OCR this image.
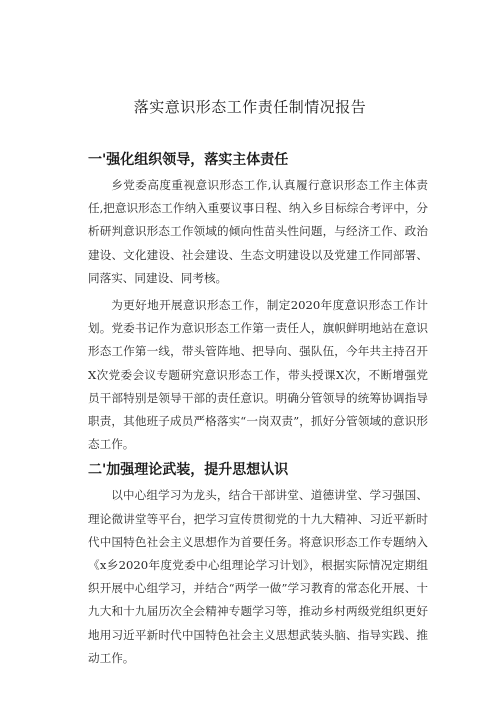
落实意识形态工作责任制情况报告
一'强化组织领导，落实主体责任
乡党委高度重视意识形态工作,认真履行意识形态工作主体责任,把意识形态工作纳入重要议事日程、纳入乡目标综合考评中，分析研判意识形态工作领域的倾向性苗头性问题，与经济工作、政治建设、文化建设、社会建设、生态文明建设以及党建工作同部署、同落实、同建设、同考核。
为更好地开展意识形态工作，制定2020年度意识形态工作计划。党委书记作为意识形态工作第一责任人，旗帜鲜明地站在意识形态工作第一线，带头管阵地、把导向、强队伍，今年共主持召开X次党委会议专题研究意识形态工作，带头授课X次，不断增强党员干部特别是领导干部的责任意识。明确分管领导的统筹协调指导职责，其他班子成员严格落实“一岗双责”，抓好分管领域的意识形态工作。
二'加强理论武装，提升思想认识
以中心组学习为龙头，结合干部讲堂、道德讲堂、学习强国、理论微讲堂等平台，把学习宣传贯彻党的十九大精神、习近平新时代中国特色社会主义思想作为首要任务。将意识形态工作专题纳入《x乡2020年度党委中心组理论学习计划》，根据实际情况定期组织开展中心组学习，并结合“两学一做”学习教育的常态化开展、十九大和十九届历次全会精神专题学习等，推动乡村两级党组织更好地用习近平新时代中国特色社会主义思想武装头脑、指导实践、推动工作。
